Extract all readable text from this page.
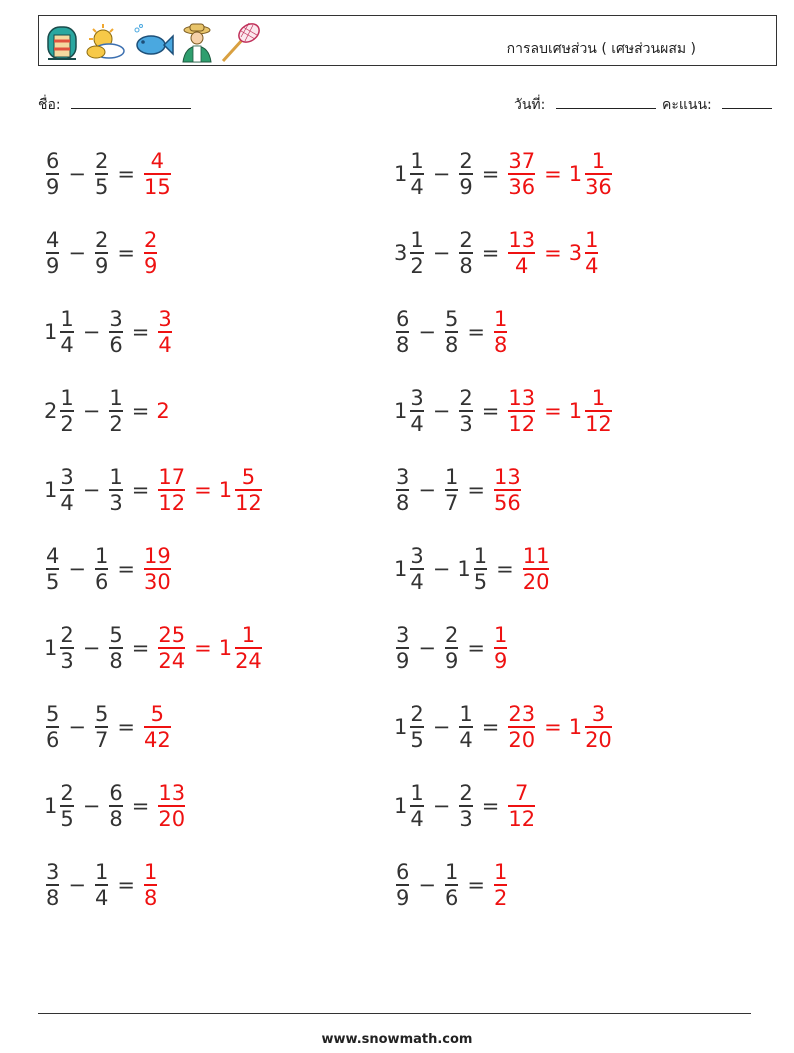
การลบเศษส่วน ( เศษส่วนผสม )
ชื่อ:	วันที่:	คะแนน:
$\frac{6}{9} - \frac{2}{5} = \frac{4}{15}$	$1 \frac{1}{4} - \frac{2}{9} = \frac{37}{36} = 1 \frac{1}{36}$
$\frac{4}{9} - \frac{2}{9} = \frac{2}{9}$	$3 \frac{1}{2} - \frac{2}{8} = \frac{13}{4} = 3 \frac{1}{4}$
$1 \frac{1}{4} - \frac{3}{6} = \frac{3}{4}$	$\frac{6}{8} - \frac{5}{8} = \frac{1}{8}$
$2 \frac{1}{2} - \frac{1}{2} = 2$	$1 \frac{3}{4} - \frac{2}{3} = \frac{13}{12} = 1 \frac{1}{12}$
$1 \frac{3}{4} - \frac{1}{3} = \frac{17}{12} = 1 \frac{5}{12}$	$\frac{3}{8} - \frac{1}{7} = \frac{13}{56}$
$\frac{4}{5} - \frac{1}{6} = \frac{19}{30}$	$1 \frac{3}{4} - 1 \frac{1}{5} = \frac{11}{20}$
$1 \frac{2}{3} - \frac{5}{8} = \frac{25}{24} = 1 \frac{1}{24}$	$\frac{3}{9} - \frac{2}{9} = \frac{1}{9}$
$\frac{5}{6} - \frac{5}{7} = \frac{5}{42}$	$1 \frac{2}{5} - \frac{1}{4} = \frac{23}{20} = 1 \frac{3}{20}$
$1 \frac{2}{5} - \frac{6}{8} = \frac{13}{20}$	$1 \frac{1}{4} - \frac{2}{3} = \frac{7}{12}$
$\frac{3}{8} - \frac{1}{4} = \frac{1}{8}$	$\frac{6}{9} - \frac{1}{6} = \frac{1}{2}$
www.snowmath.com
